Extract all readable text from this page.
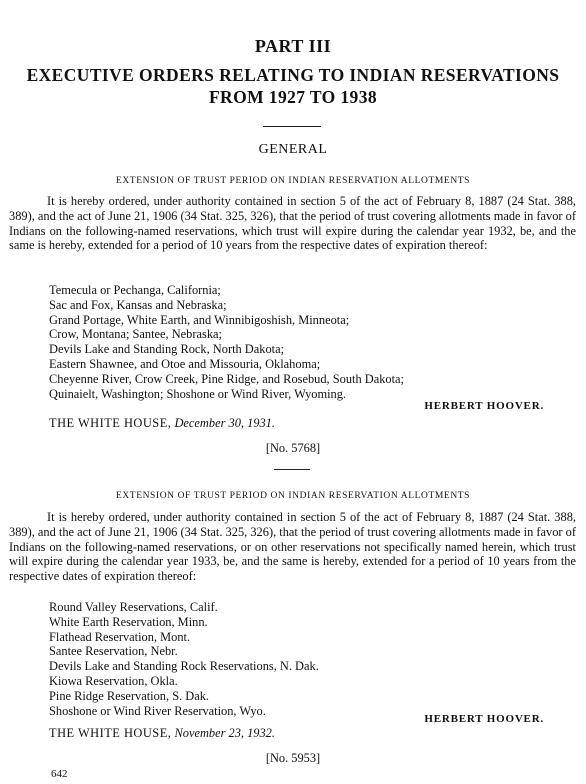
PART III
EXECUTIVE ORDERS RELATING TO INDIAN RESERVATIONS
FROM 1927 TO 1938
GENERAL
EXTENSION OF TRUST PERIOD ON INDIAN RESERVATION ALLOTMENTS
It is hereby ordered, under authority contained in section 5 of the act of February 8, 1887 (24 Stat. 388, 389), and the act of June 21, 1906 (34 Stat. 325, 326), that the period of trust covering allotments made in favor of Indians on the following-named reservations, which trust will expire during the calendar year 1932, be, and the same is hereby, extended for a period of 10 years from the respective dates of expiration thereof:
Temecula or Pechanga, California;
Sac and Fox, Kansas and Nebraska;
Grand Portage, White Earth, and Winnibigoshish, Minneota;
Crow, Montana; Santee, Nebraska;
Devils Lake and Standing Rock, North Dakota;
Eastern Shawnee, and Otoe and Missouria, Oklahoma;
Cheyenne River, Crow Creek, Pine Ridge, and Rosebud, South Dakota;
Quinaielt, Washington; Shoshone or Wind River, Wyoming.
HERBERT HOOVER.
THE WHITE HOUSE, December 30, 1931.
[No. 5768]
EXTENSION OF TRUST PERIOD ON INDIAN RESERVATION ALLOTMENTS
It is hereby ordered, under authority contained in section 5 of the act of February 8, 1887 (24 Stat. 388, 389), and the act of June 21, 1906 (34 Stat. 325, 326), that the period of trust covering allotments made in favor of Indians on the following-named reservations, or on other reservations not specifically named herein, which trust will expire during the calendar year 1933, be, and the same is hereby, extended for a period of 10 years from the respective dates of expiration thereof:
Round Valley Reservations, Calif.
White Earth Reservation, Minn.
Flathead Reservation, Mont.
Santee Reservation, Nebr.
Devils Lake and Standing Rock Reservations, N. Dak.
Kiowa Reservation, Okla.
Pine Ridge Reservation, S. Dak.
Shoshone or Wind River Reservation, Wyo.
HERBERT HOOVER.
THE WHITE HOUSE, November 23, 1932.
[No. 5953]
642
